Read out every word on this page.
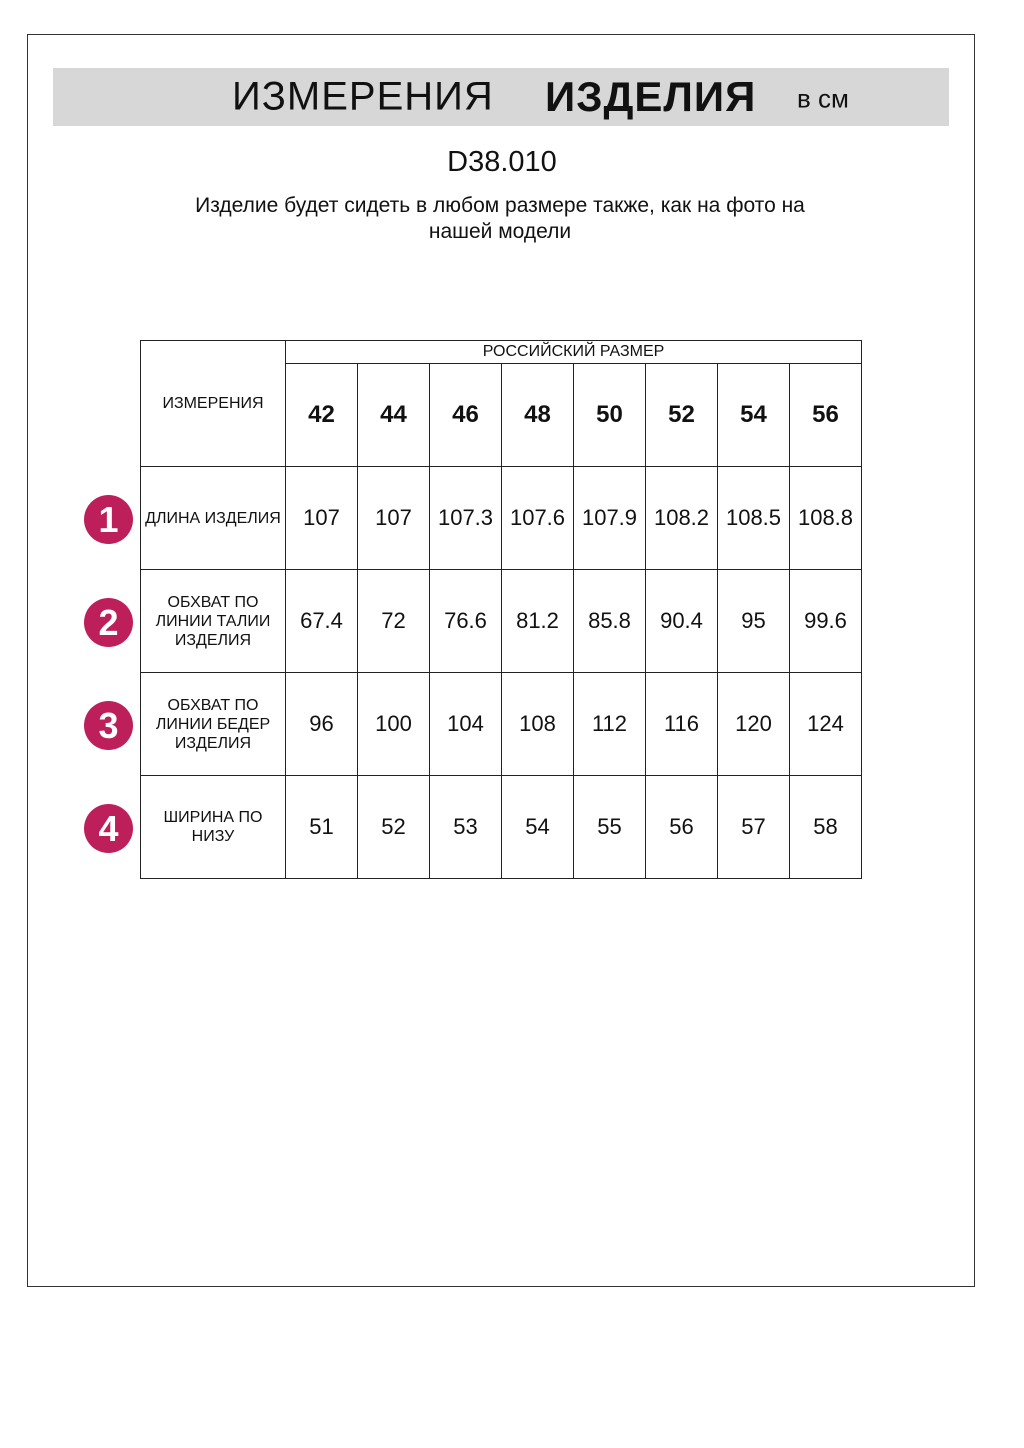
ИЗМЕРЕНИЯ ИЗДЕЛИЯ в см
D38.010
Изделие будет сидеть в любом размере также, как на фото на нашей модели
ИЗМЕРЕНИЯ	РОССИЙСКИЙ РАЗМЕР							
	42	44	46	48	50	52	54	56
ДЛИНА ИЗДЕЛИЯ	107	107	107.3	107.6	107.9	108.2	108.5	108.8
ОБХВАТ ПО ЛИНИИ ТАЛИИ ИЗДЕЛИЯ	67.4	72	76.6	81.2	85.8	90.4	95	99.6
ОБХВАТ ПО ЛИНИИ БЕДЕР ИЗДЕЛИЯ	96	100	104	108	112	116	120	124
ШИРИНА ПО НИЗУ	51	52	53	54	55	56	57	58
1
2
3
4
